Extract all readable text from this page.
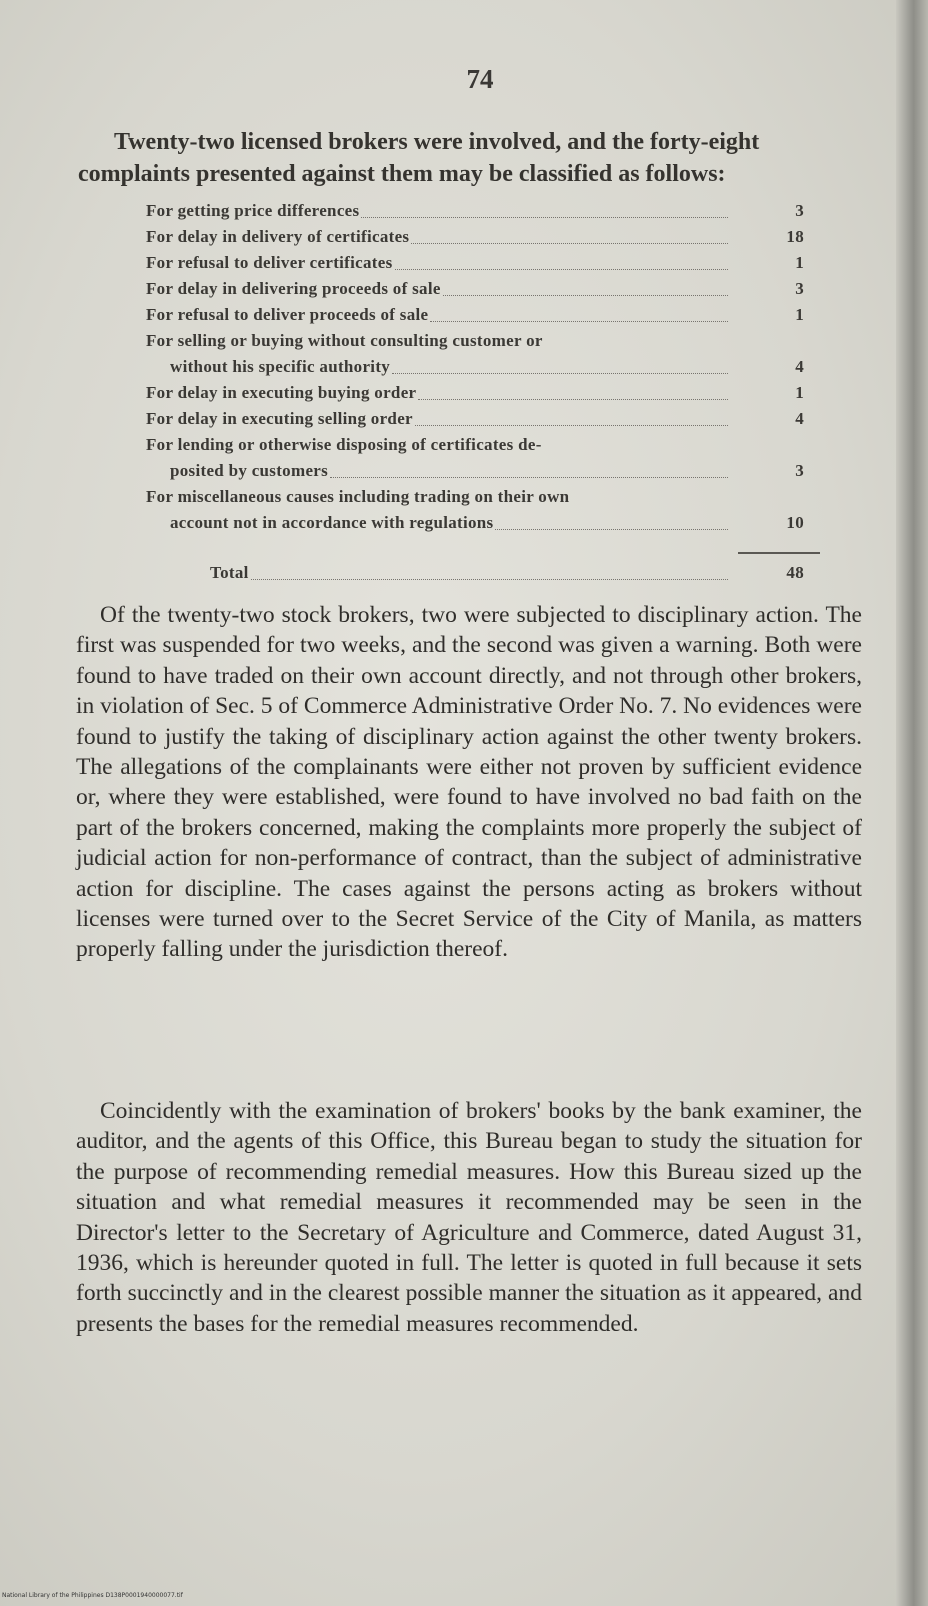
74

Twenty-two licensed brokers were involved, and the forty-eight
complaints presented against them may be classified as follows:

For getting price differences	3
For delay in delivery of certificates	18
For refusal to deliver certificates	1
For delay in delivering proceeds of sale	3
For refusal to deliver proceeds of sale	1
For selling or buying without consulting customer or
without his specific authority	4
For delay in executing buying order	1
For delay in executing selling order	4
For lending or otherwise disposing of certificates de-
posited by customers	3
For miscellaneous causes including trading on their own
account not in accordance with regulations	10
Total	48

Of the twenty-two stock brokers, two were subjected to disciplinary action. The first was suspended for two weeks, and the second was given a warning. Both were found to have traded on their own account directly, and not through other brokers, in violation of Sec. 5 of Commerce Administrative Order No. 7. No evidences were found to justify the taking of disciplinary action against the other twenty brokers. The allegations of the complainants were either not proven by sufficient evidence or, where they were established, were found to have involved no bad faith on the part of the brokers concerned, making the complaints more properly the subject of judicial action for non-performance of contract, than the subject of administrative action for discipline. The cases against the persons acting as brokers without licenses were turned over to the Secret Service of the City of Manila, as matters properly falling under the jurisdiction thereof.

Coincidently with the examination of brokers' books by the bank examiner, the auditor, and the agents of this Office, this Bureau began to study the situation for the purpose of recommending remedial measures. How this Bureau sized up the situation and what remedial measures it recommended may be seen in the Director's letter to the Secretary of Agriculture and Commerce, dated August 31, 1936, which is hereunder quoted in full. The letter is quoted in full because it sets forth succinctly and in the clearest possible manner the situation as it appeared, and presents the bases for the remedial measures recommended.

National Library of the Philippines D138P0001940000077.tif
